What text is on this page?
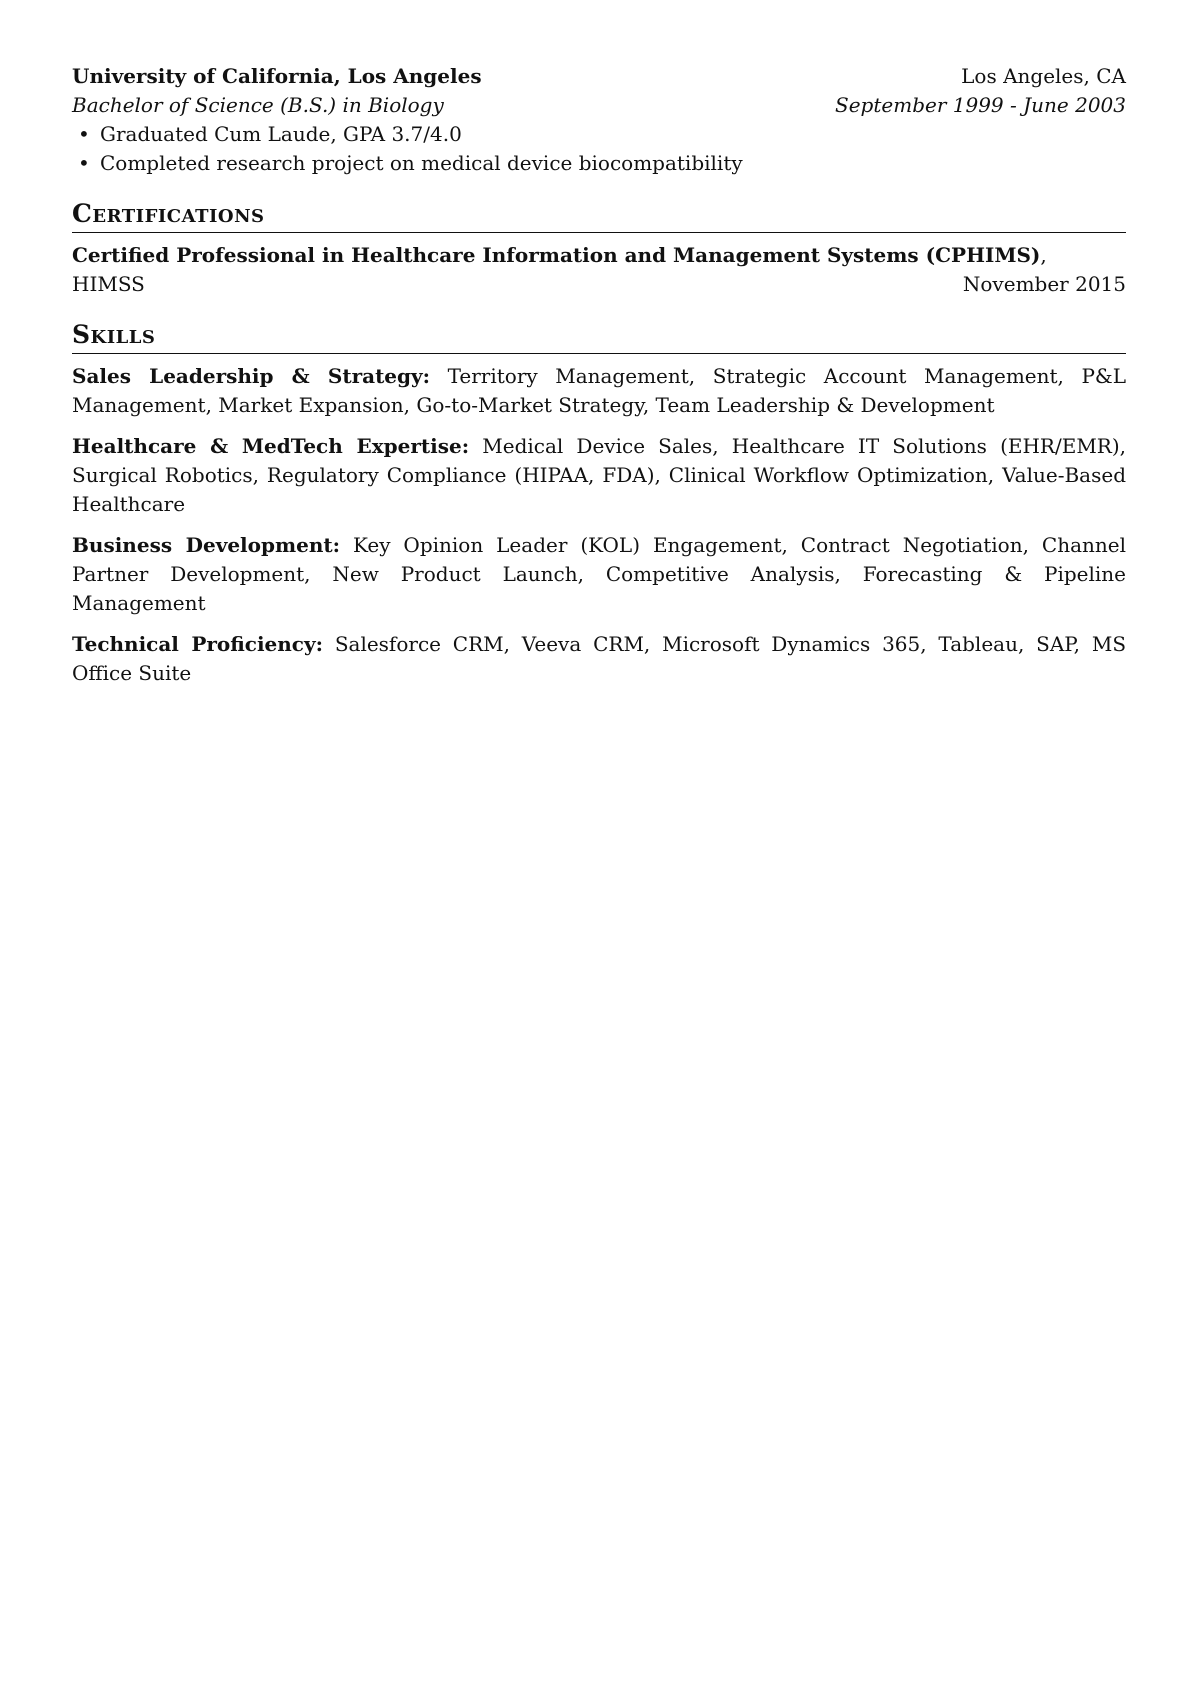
University of California, Los Angeles	Los Angeles, CA
Bachelor of Science (B.S.) in Biology	September 1999 - June 2003
• Graduated Cum Laude, GPA 3.7/4.0
• Completed research project on medical device biocompatibility
Certifications
Certified Professional in Healthcare Information and Management Systems (CPHIMS),
HIMSS	November 2015
Skills
Sales Leadership & Strategy: Territory Management, Strategic Account Management, P&L Management, Market Expansion, Go-to-Market Strategy, Team Leadership & Development
Healthcare & MedTech Expertise: Medical Device Sales, Healthcare IT Solutions (EHR/EMR), Surgical Robotics, Regulatory Compliance (HIPAA, FDA), Clinical Workflow Optimization, Value-Based Healthcare
Business Development: Key Opinion Leader (KOL) Engagement, Contract Negotiation, Channel Partner Development, New Product Launch, Competitive Analysis, Forecasting & Pipeline Management
Technical Proficiency: Salesforce CRM, Veeva CRM, Microsoft Dynamics 365, Tableau, SAP, MS Office Suite
